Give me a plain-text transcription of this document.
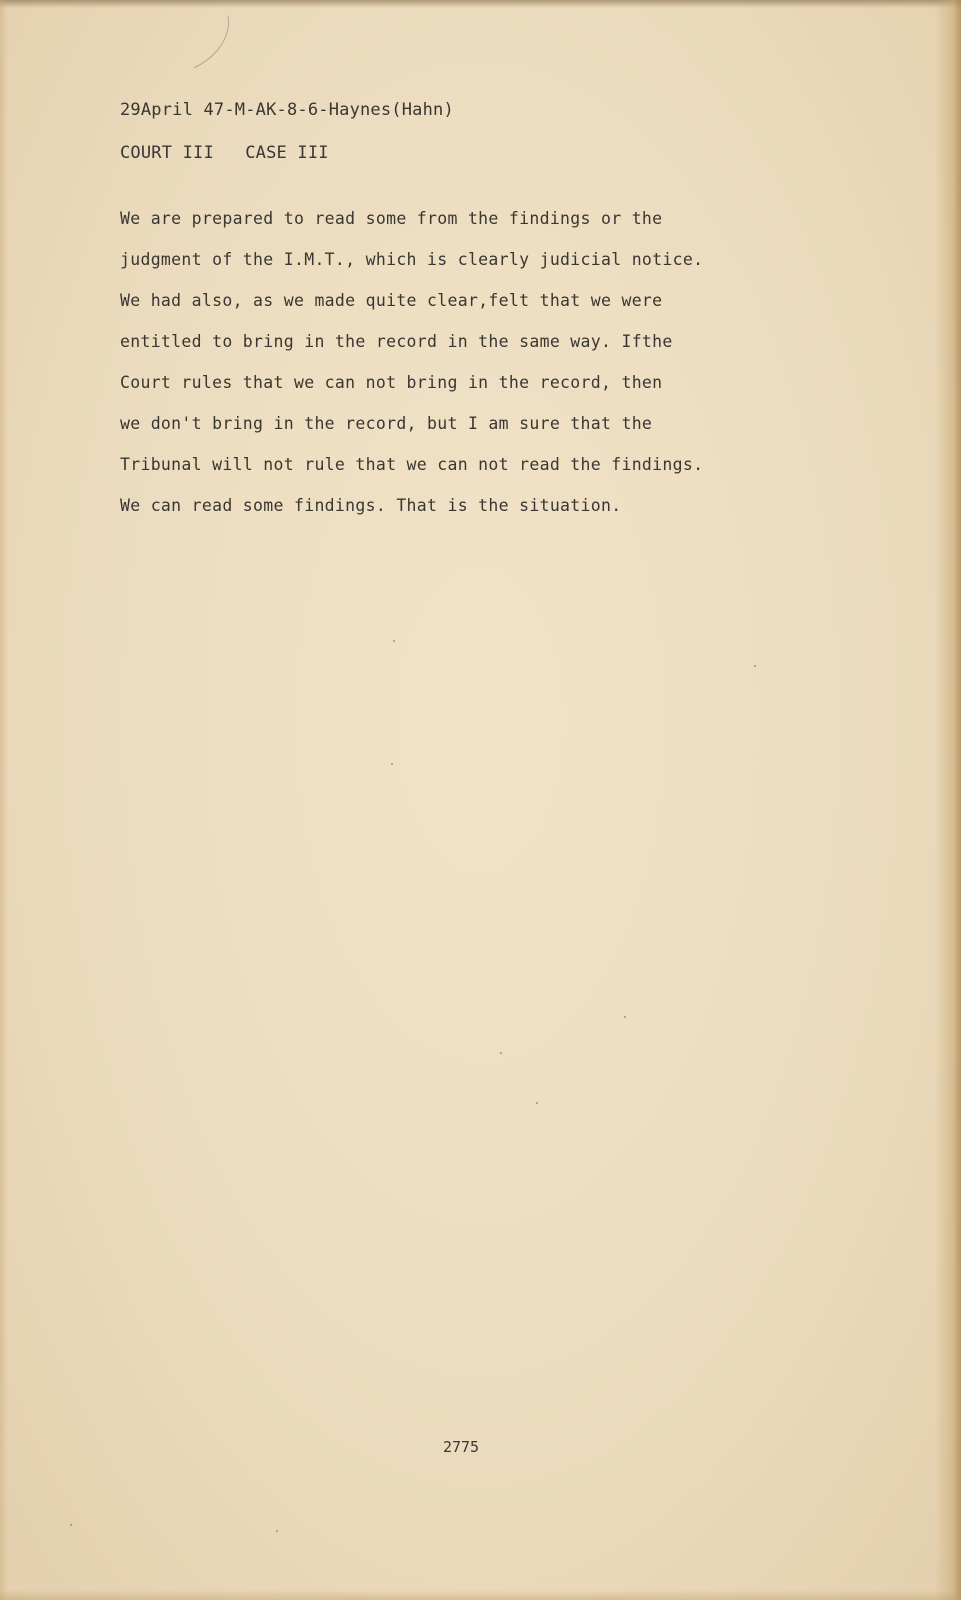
29April 47-M-AK-8-6-Haynes(Hahn)
COURT III   CASE III
We are prepared to read some from the findings or the
judgment of the I.M.T., which is clearly judicial notice.
We had also, as we made quite clear,felt that we were
entitled to bring in the record in the same way. Ifthe
Court rules that we can not bring in the record, then
we don't bring in the record, but I am sure that the
Tribunal will not rule that we can not read the findings.
We can read some findings. That is the situation.
2775
